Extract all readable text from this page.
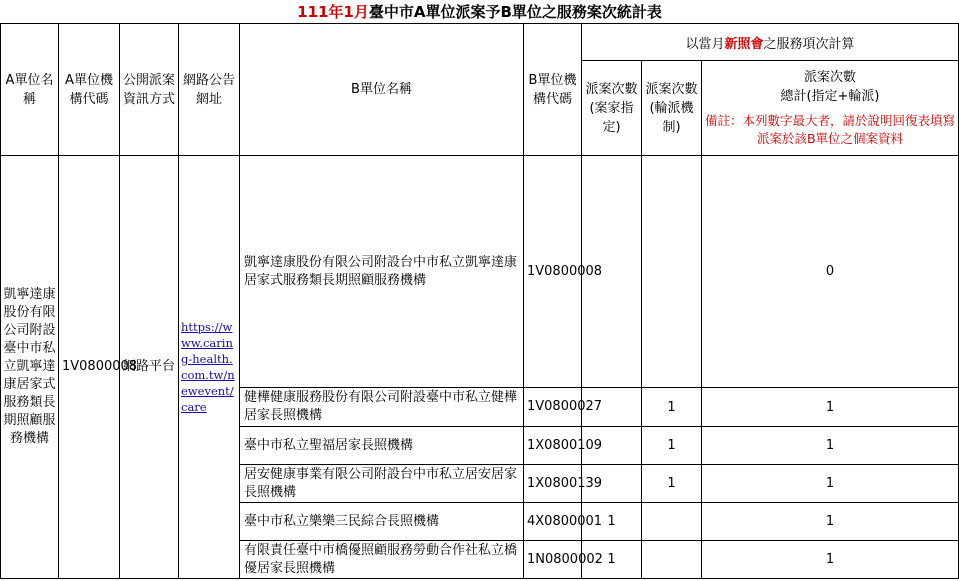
111年1月臺中市A單位派案予B單位之服務案次統計表
A單位名稱	A單位機構代碼	公開派案資訊方式	網路公告網址	B單位名稱	B單位機構代碼	以當月新照會之服務項次計算		
						派案次數(案家指定)	派案次數(輪派機制)	派案次數
總計(指定+輪派)
備註：本列數字最大者，請於說明回復表填寫派案於該B單位之個案資料

凱寧達康股份有限公司附設臺中市私立凱寧達康居家式服務類長期照顧服務機構	1V0800008	網路平台	https://www.caring-health.com.tw/newevent/care	凱寧達康股份有限公司附設台中市私立凱寧達康居家式服務類長期照顧服務機構	1V0800008			0
				健樺健康服務股份有限公司附設臺中市私立健樺居家長照機構	1V0800027		1	1
				臺中市私立聖福居家長照機構	1X0800109		1	1
				居安健康事業有限公司附設台中市私立居安居家長照機構	1X0800139		1	1
				臺中市私立樂樂三民綜合長照機構	4X0800001	1		1
				有限責任臺中市橋優照顧服務勞動合作社私立橋優居家長照機構	1N0800002	1		1
